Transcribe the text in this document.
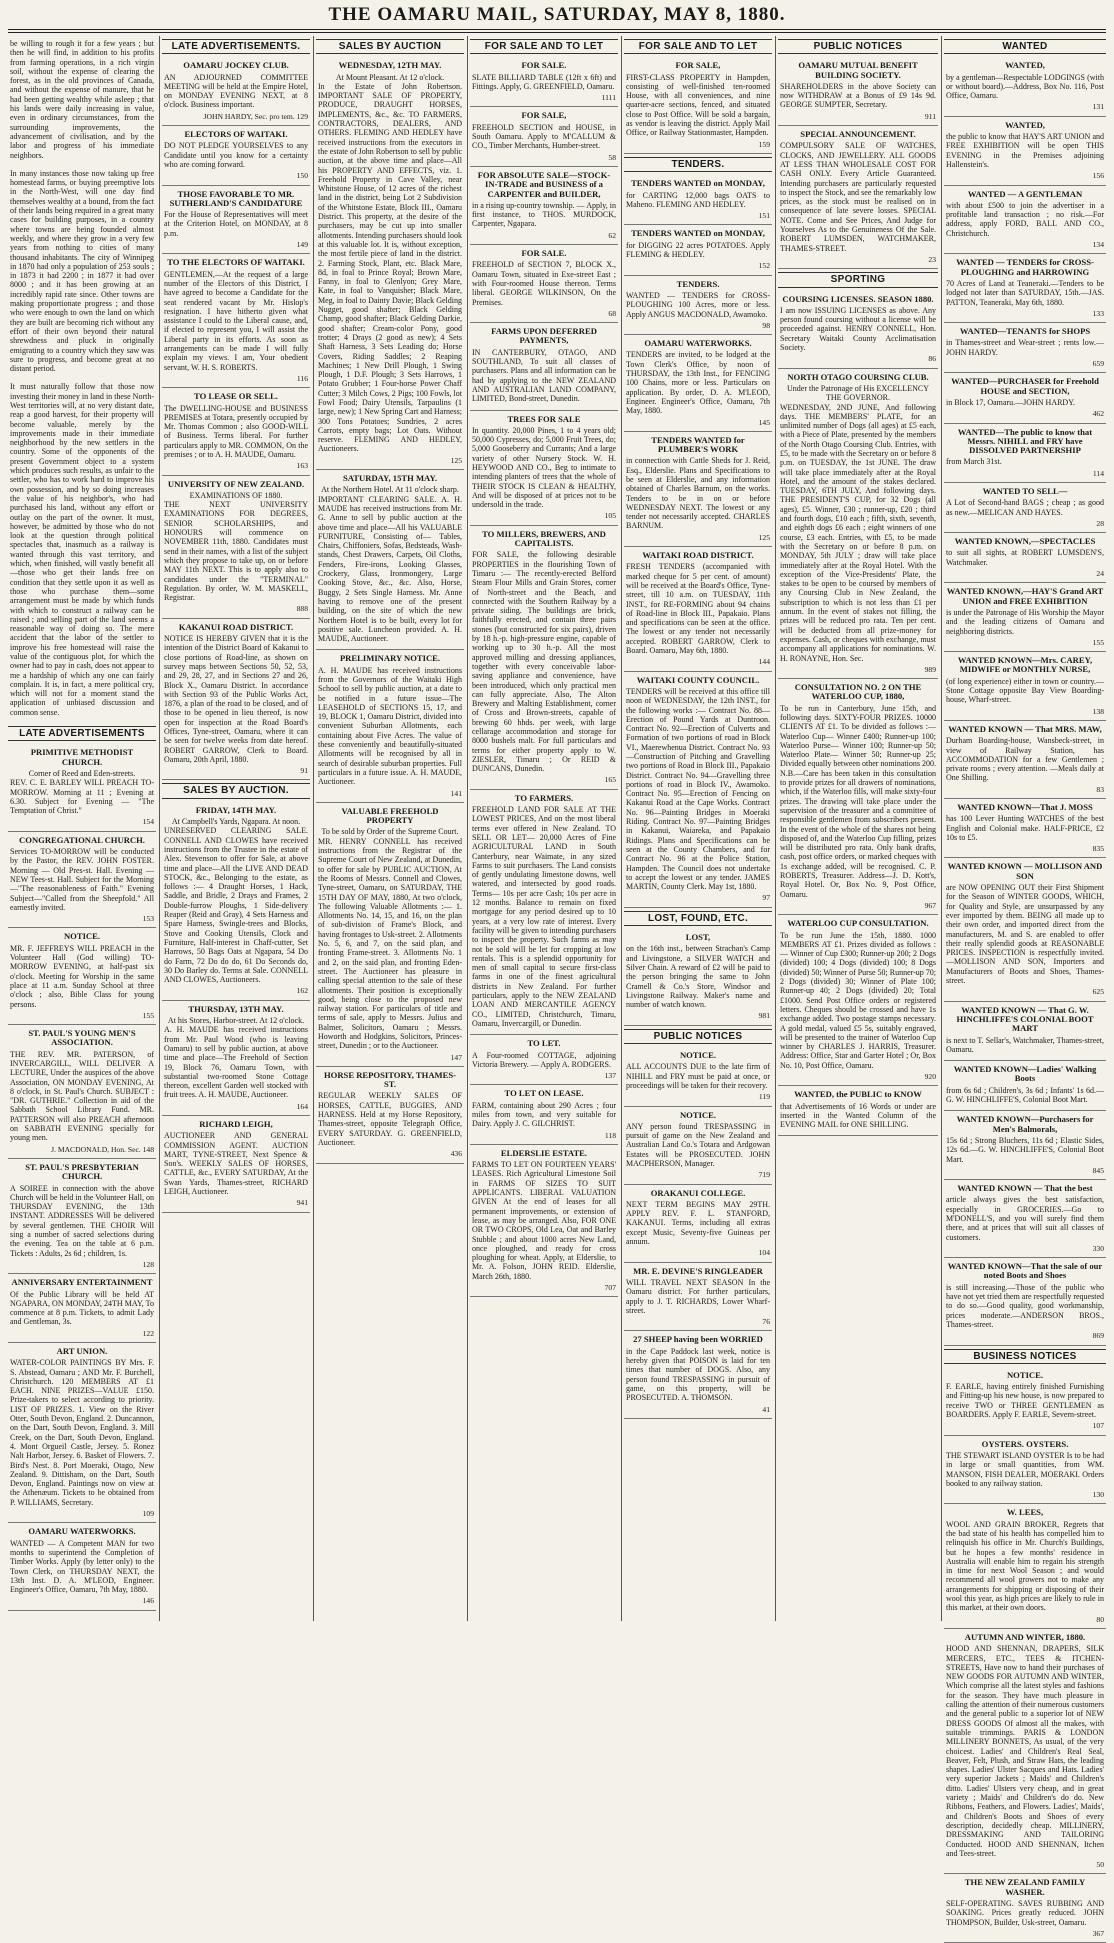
THE OAMARU MAIL, SATURDAY, MAY 8, 1880.

be willing to rough it for a few years ; but then he will find, in addition to his profits from farming operations, in a rich virgin soil, without the expense of clearing the forest, as in the old provinces of Canada, and without the expense of manure, that he had been getting wealthy while asleep ; that his lands were daily increasing in value, even in ordinary circumstances, from the surrounding improvements, the advancement of civilisation, and by the labor and progress of his immediate neighbors.

In many instances those now taking up free homestead farms, or buying preemptive lots in the North-West, will one day find themselves wealthy at a bound, from the fact of their lands being required in a great many cases for building purposes, in a country where towns are being founded almost weekly, and where they grow in a very few years from nothing to cities of many thousand inhabitants. The city of Winnipeg in 1870 had only a population of 253 souls ; in 1873 it had 2200 ; in 1877 it had over 8000 ; and it has been growing at an incredibly rapid rate since. Other towns are making proportionate progress ; and those who were enough to own the land on which they are built are becoming rich without any effort of their own beyond their natural shrewdness and pluck in originally emigrating to a country which they saw was sure to progress, and become great at no distant period.

It must naturally follow that those now investing their money in land in these North-West territories will, at no very distant date, reap a good harvest, for their property will become valuable, merely by the improvements made in their immediate neighborhood by the new settlers in the country. Some of the opponents of the present Government object to a system which produces such results, as unfair to the settler, who has to work hard to improve his own possession, and by so doing increases the value of his neighbor's, who had purchased his land, without any effort or outlay on the part of the owner. It must, however, be admitted by those who do not look at the question through political spectacles that, inasmuch as a railway is wanted through this vast territory, and which, when finished, will vastly benefit all—those who get their lands free on condition that they settle upon it as well as those who purchase them—some arrangement must be made by which funds with which to construct a railway can be raised ; and selling part of the land seems a reasonable way of doing so. The mere accident that the labor of the settler to improve his free homestead will raise the value of the contiguous plot, for which the owner had to pay in cash, does not appear to me a hardship of which any one can fairly complain. It is, in fact, a mere political cry, which will not for a moment stand the application of unbiased discussion and common sense.

LATE ADVERTISEMENTS
PRIMITIVE METHODIST CHURCH.
Corner of Reed and Eden-streets.

REV. C. E. BARLEY WILL PREACH TO-MORROW. Morning at 11 ; Evening at 6.30. Subject for Evening — "The Temptation of Christ."

154
CONGREGATIONAL CHURCH.

Services TO-MORROW will be conducted by the Pastor, the REV. JOHN FOSTER. Morning — Old Pres-st. Hall. Evening — NEW Tees-st. Hall. Subject for the Morning—"The reasonableness of Faith." Evening Subject—"Called from the Sheepfold." All earnestly invited.

153
NOTICE.

MR. F. JEFFREYS WILL PREACH in the Volunteer Hall (God willing) TO-MORROW EVENING, at half-past six o'clock. Meeting for Worship in the same place at 11 a.m. Sunday School at three o'clock ; also, Bible Class for young persons.

155
ST. PAUL'S YOUNG MEN'S ASSOCIATION.

THE REV. MR. PATERSON, of INVERCARGILL, WILL DELIVER A LECTURE, Under the auspices of the above Association, ON MONDAY EVENING, At 8 o'clock, in St. Paul's Church. SUBJECT : "DR. GUTHRIE." Collection in aid of the Sabbath School Library Fund. MR. PATTERSON will also PREACH afternoon on SABBATH EVENING specially for young men.

J. MACDONALD, Hon. Sec. 148
ST. PAUL'S PRESBYTERIAN CHURCH.

A SOIREE in connection with the above Church will be held in the Volunteer Hall, on THURSDAY EVENING, the 13th INSTANT. ADDRESSES Will be delivered by several gentlemen. THE CHOIR Will sing a number of sacred selections during the evening. Tea on the table at 6 p.m. Tickets : Adults, 2s 6d ; children, 1s.

128
ANNIVERSARY ENTERTAINMENT

Of the Public Library will be held AT NGAPARA, ON MONDAY, 24TH MAY, To commence at 8 p.m. Tickets, to admit Lady and Gentleman, 3s.

122
ART UNION.

WATER-COLOR PAINTINGS BY Mrs. F. S. Abstead, Oamaru ; AND Mr. F. Burchell, Christchurch. 120 MEMBERS AT £1 EACH. NINE PRIZES—VALUE £150. Prize-takers to select according to priority. LIST OF PRIZES. 1. View on the River Otter, South Devon, England. 2. Duncannon, on the Dart, South Devon, England. 3. Mill Creek, on the Dart, South Devon, England. 4. Mont Orgueil Castle, Jersey. 5. Ronez Nalt Harbor, Jersey. 6. Basket of Flowers. 7. Bird's Nest. 8. Port Moeraki, Otago, New Zealand. 9. Dittisham, on the Dart, South Devon, England. Paintings now on view at the Athenæum. Tickets to be obtained from P. WILLIAMS, Secretary.

109
OAMARU WATERWORKS.

WANTED — A Competent MAN for two months to superintend the Completion of Timber Works. Apply (by letter only) to the Town Clerk, on THURSDAY NEXT, the 13th Inst. D. A. M'LEOD, Engineer. Engineer's Office, Oamaru, 7th May, 1880.

146
LATE ADVERTISEMENTS.
OAMARU JOCKEY CLUB.

AN ADJOURNED COMMITTEE MEETING will be held at the Empire Hotel, on MONDAY EVENING NEXT, at 8 o'clock. Business important.

JOHN HARDY, Sec. pro tem. 129
ELECTORS OF WAITAKI.

DO NOT PLEDGE YOURSELVES to any Candidate until you know for a certainty who are coming forward.

150
THOSE FAVORABLE TO MR. SUTHERLAND'S CANDIDATURE

For the House of Representatives will meet at the Criterion Hotel, on MONDAY, at 8 p.m.

149
TO THE ELECTORS OF WAITAKI.

GENTLEMEN,—At the request of a large number of the Electors of this District, I have agreed to become a Candidate for the seat rendered vacant by Mr. Hislop's resignation. I have hitherto given what assistance I could to the Liberal cause, and, if elected to represent you, I will assist the Liberal party in its efforts. As soon as arrangements can be made I will fully explain my views. I am, Your obedient servant, W. H. S. ROBERTS.

116
TO LEASE OR SELL.

The DWELLING-HOUSE and BUSINESS PREMISES at Totara, presently occupied by Mr. Thomas Common ; also GOOD-WILL of Business. Terms liberal. For further particulars apply to MR. COMMON, On the premises ; or to A. H. MAUDE, Oamaru.

163
UNIVERSITY OF NEW ZEALAND.
EXAMINATIONS OF 1880.

THE NEXT UNIVERSITY EXAMINATIONS FOR DEGREES, SENIOR SCHOLARSHIPS, and HONOURS will commence on NOVEMBER 11th, 1880. Candidates must send in their names, with a list of the subject which they propose to take up, on or before MAY 11th NEXT. This is to apply also to candidates under the "TERMINAL" Regulation. By order, W. M. MASKELL, Registrar.

888
KAKANUI ROAD DISTRICT.

NOTICE IS HEREBY GIVEN that it is the intention of the District Board of Kakanui to close portions of Road-line, as shown on survey maps between Sections 50, 52, 53, and 29, 28, 27, and in Sections 27 and 26, Block X., Oamaru District. In accordance with Section 93 of the Public Works Act, 1876, a plan of the road to be closed, and of those to be opened in lieu thereof, is now open for inspection at the Road Board's Offices, Tyne-street, Oamaru, where it can be seen for twelve weeks from date hereof. ROBERT GARROW, Clerk to Board. Oamaru, 20th April, 1880.

91
SALES BY AUCTION.
FRIDAY, 14TH MAY.
At Campbell's Yards, Ngapara. At noon.

UNRESERVED CLEARING SALE. CONNELL AND CLOWES have received instructions from the Trustee in the estate of Alex. Stevenson to offer for Sale, at above time and place—All the LIVE AND DEAD STOCK, &c., Belonging to the estate, as follows :— 4 Draught Horses, 1 Hack, Saddle, and Bridle, 2 Drays and Frames, 2 Double-furrow Ploughs, 1 Side-delivery Reaper (Reid and Gray), 4 Sets Harness and Spare Harness, Swingle-trees and Blocks, Stove and Cooking Utensils, Clock and Furniture, Half-interest in Chaff-cutter, Set Harrows, 50 Bags Oats at Ngapara, 54 Do do Farm, 72 Do do do, 61 Do Seconds do, 30 Do Barley do. Terms at Sale. CONNELL AND CLOWES, Auctioneers.

162
THURSDAY, 13TH MAY.
At his Stores, Harbor-street. At 12 o'clock.

A. H. MAUDE has received instructions from Mr. Paul Wood (who is leaving Oamaru) to sell by public auction, at above time and place—The Freehold of Section 19, Block 76, Oamaru Town, with substantial two-roomed Stone Cottage thereon, excellent Garden well stocked with fruit trees. A. H. MAUDE, Auctioneer.

164
RICHARD LEIGH,

AUCTIONEER AND GENERAL COMMISSION AGENT. AUCTION MART, TYNE-STREET, Next Spence & Son's. WEEKLY SALES OF HORSES, CATTLE, &c., EVERY SATURDAY, At the Swan Yards, Thames-street, RICHARD LEIGH, Auctioneer.

941
SALES BY AUCTION
WEDNESDAY, 12TH MAY.
At Mount Pleasant. At 12 o'clock.

In the Estate of John Robertson. IMPORTANT SALE OF PROPERTY, PRODUCE, DRAUGHT HORSES, IMPLEMENTS, &c., &c. TO FARMERS, CONTRACTORS, DEALERS, AND OTHERS. FLEMING AND HEDLEY have received instructions from the executors in the estate of John Robertson to sell by public auction, at the above time and place—All his PROPERTY AND EFFECTS, viz. 1. Freehold Property in Cave Valley, near Whitstone House, of 12 acres of the richest land in the district, being Lot 2 Subdivision of the Whitstone Estate, Block III., Oamaru District. This property, at the desire of the purchasers, may be cut up into smaller allotments. Intending purchasers should look at this valuable lot. It is, without exception, the most fertile piece of land in the district. 2. Farming Stock, Plant, etc. Black Mare, 8d, in foal to Prince Royal; Brown Mare, Fanny, in foal to Glenlyon; Grey Mare, Kate, in foal to Vanquisher; Black Mare, Meg, in foal to Dainty Davie; Black Gelding Nugget, good shafter; Black Gelding Champ, good shafter; Black Gelding Darkie, good shafter; Cream-color Pony, good trotter; 4 Drays (2 good as new); 4 Sets Shaft Harness, 3 Sets Leading do; Horse Covers, Riding Saddles; 2 Reaping Machines; 1 New Drill Plough, 1 Swing Plough, 1 D.F. Plough; 3 Sets Harrows, 1 Potato Grubber; 1 Four-horse Power Chaff Cutter; 3 Milch Cows, 2 Pigs; 100 Fowls, lot Fowl Food; Dairy Utensils, Tarpaulins (1 large, new); 1 New Spring Cart and Harness; 300 Tons Potatoes; Sundries, 2 acres Carrots, empty bags; Lot Oats. Without reserve. FLEMING AND HEDLEY, Auctioneers.

125
SATURDAY, 15TH MAY.
At the Northern Hotel. At 11 o'clock sharp.

IMPORTANT CLEARING SALE. A. H. MAUDE has received instructions from Mr. G. Anne to sell by public auction at the above time and place—All his VALUABLE FURNITURE, Consisting of— Tables, Chairs, Chiffoniers, Sofas, Bedsteads, Wash-stands, Chest Drawers, Carpets, Oil Cloths, Fenders, Fire-irons, Looking Glasses, Crockery, Glass, Ironmongery, Large Cooking Stove, &c., &c. Also, Horse, Buggy, 2 Sets Single Harness. Mr. Anne having to remove one of the present building, on the site of which the new Northern Hotel is to be built, every lot for positive sale. Luncheon provided. A. H. MAUDE, Auctioneer.

PRELIMINARY NOTICE.

A. H. MAUDE has received instructions from the Governors of the Waitaki High School to sell by public auction, at a date to be notified in a future issue—The LEASEHOLD of SECTIONS 15, 17, and 19, BLOCK 1, Oamaru District, divided into convenient Suburban Allotments, each containing about Five Acres. The value of these conveniently and beautifully-situated Allotments will be recognised by all in search of desirable suburban properties. Full particulars in a future issue. A. H. MAUDE, Auctioneer.

141
VALUABLE FREEHOLD PROPERTY
To be sold by Order of the Supreme Court.

MR. HENRY CONNELL has received instructions from the Registrar of the Supreme Court of New Zealand, at Dunedin, to offer for sale by PUBLIC AUCTION, At the Rooms of Messrs. Connell and Clowes, Tyne-street, Oamaru, on SATURDAY, THE 15TH DAY OF MAY, 1880, At two o'clock, The following Valuable Allotments :— 1. Allotments No. 14, 15, and 16, on the plan of sub-division of Frame's Block, and having frontages to Usk-street. 2. Allotments No. 5, 6, and 7, on the said plan, and fronting Frame-street. 3. Allotments No. 1 and 2, on the said plan, and fronting Eden-street. The Auctioneer has pleasure in calling special attention to the sale of these allotments. Their position is exceptionally good, being close to the proposed new railway station. For particulars of title and terms of sale, apply to Messrs. Julius and Balmer, Solicitors, Oamaru ; Messrs. Howorth and Hodgkins, Solicitors, Princes-street, Dunedin ; or to the Auctioneer.

147
HORSE REPOSITORY, THAMES-ST.

REGULAR WEEKLY SALES OF HORSES, CATTLE, BUGGIES, AND HARNESS. Held at my Horse Repository, Thames-street, opposite Telegraph Office, EVERY SATURDAY. G. GREENFIELD, Auctioneer.

436
FOR SALE AND TO LET
FOR SALE.

SLATE BILLIARD TABLE (12ft x 6ft) and Fittings. Apply, G. GREENFIELD, Oamaru.

1111
FOR SALE,

FREEHOLD SECTION and HOUSE, in South Oamaru. Apply to M'CALLUM & CO., Timber Merchants, Humber-street.

58
FOR ABSOLUTE SALE—STOCK-IN-TRADE and BUSINESS of a CARPENTER and BUILDER,

in a rising up-country township. — Apply, in first instance, to THOS. MURDOCK, Carpenter, Ngapara.

62
FOR SALE.

FREEHOLD of SECTION 7, BLOCK X., Oamaru Town, situated in Exe-street East ; with Four-roomed House thereon. Terms liberal. GEORGE WILKINSON, On the Premises.

68
FARMS UPON DEFERRED PAYMENTS,

IN CANTERBURY, OTAGO, AND SOUTHLAND, To suit all classes of purchasers. Plans and all information can be had by applying to the NEW ZEALAND AND AUSTRALIAN LAND COMPANY, LIMITED, Bond-street, Dunedin.

TREES FOR SALE

In quantity. 20,000 Pines, 1 to 4 years old; 50,000 Cypresses, do; 5,000 Fruit Trees, do; 5,000 Gooseberry and Currants; And a large variety of other Nursery Stock. W. H. HEYWOOD AND CO., Beg to intimate to intending planters of trees that the whole of THEIR STOCK IS CLEAN & HEALTHY, And will be disposed of at prices not to be undersold in the trade.

105
TO MILLERS, BREWERS, AND CAPITALISTS.

FOR SALE, the following desirable PROPERTIES in the flourishing Town of Timaru :— The recently-erected Belford Steam Flour Mills and Grain Stores, corner of North-street and the Beach, and connected with the Southern Railway by a private siding. The buildings are brick, faithfully erected, and contain three pairs stones (but constructed for six pairs), driven by 18 h.-p. high-pressure engine, capable of working up to 30 h.-p. All the most approved milling and dressing appliances, together with every conceivable labor-saving appliance and convenience, have been introduced, which only practical men can fully appreciate. Also, The Alton Brewery and Malting Establishment, corner of Cross and Brown-streets, capable of brewing 60 hhds. per week, with large cellarage accommodation and storage for 8000 bushels malt. For full particulars and terms for either property apply to W. ZIESLER, Timaru ; Or REID & DUNCANS, Dunedin.

165
TO FARMERS.

FREEHOLD LAND FOR SALE AT THE LOWEST PRICES, And on the most liberal terms ever offered in New Zealand. TO SELL OR LET— 20,000 Acres of Fine AGRICULTURAL LAND in South Canterbury, near Waimate, in any sized Farms to suit purchasers. The Land consists of gently undulating limestone downs, well watered, and intersected by good roads. Terms— 10s per acre Cash; 10s per acre in 12 months. Balance to remain on fixed mortgage for any period desired up to 10 years, at a very low rate of interest. Every facility will be given to intending purchasers to inspect the property. Such farms as may not be sold will be let for cropping at low rentals. This is a splendid opportunity for men of small capital to secure first-class farms in one of the finest agricultural districts in New Zealand. For further particulars, apply to the NEW ZEALAND LOAN AND MERCANTILE AGENCY CO., LIMITED, Christchurch, Timaru, Oamaru, Invercargill, or Dunedin.

TO LET.

A Four-roomed COTTAGE, adjoining Victoria Brewery. — Apply A. RODGERS.

137
TO LET ON LEASE.

FARM, containing about 290 Acres ; four miles from town, and very suitable for Dairy. Apply J. C. GILCHRIST.

118
ELDERSLIE ESTATE.

FARMS TO LET ON FOURTEEN YEARS' LEASES. Rich Agricultural Limestone Soil in FARMS OF SIZES TO SUIT APPLICANTS. LIBERAL VALUATION GIVEN At the end of leases for all permanent improvements, or extension of lease, as may be arranged. Also, FOR ONE OR TWO CROPS, Old Lea, Oat and Barley Stubble ; and about 1000 acres New Land, once ploughed, and ready for cross ploughing for wheat. Apply, at Elderslie, to Mr. A. Folson, JOHN REID. Elderslie, March 26th, 1880.

707
FOR SALE AND TO LET
FOR SALE,

FIRST-CLASS PROPERTY in Hampden, consisting of well-finished ten-roomed House, with all conveniences, and nine quarter-acre sections, fenced, and situated close to Post Office. Will be sold a bargain, as vendor is leaving the district. Apply Mail Office, or Railway Stationmaster, Hampden.

159
TENDERS.
TENDERS WANTED on MONDAY,

for CARTING 12,000 bags OATS to Maheno. FLEMING AND HEDLEY.

151
TENDERS WANTED on MONDAY,

for DIGGING 22 acres POTATOES. Apply FLEMING & HEDLEY.

152
TENDERS.

WANTED — TENDERS for CROSS-PLOUGHING 100 Acres, more or less. Apply ANGUS MACDONALD, Awamoko.

98
OAMARU WATERWORKS.

TENDERS are invited, to be lodged at the Town Clerk's Office, by noon of THURSDAY, the 13th Inst., for FENCING 100 Chains, more or less. Particulars on application. By order, D. A. M'LEOD, Engineer. Engineer's Office, Oamaru, 7th May, 1880.

145
TENDERS WANTED for PLUMBER'S WORK

in connection with Cattle Sheds for J. Reid, Esq., Elderslie. Plans and Specifications to be seen at Elderslie, and any information obtained of Charles Barnum, on the works. Tenders to be in on or before WEDNESDAY NEXT. The lowest or any tender not necessarily accepted. CHARLES BARNUM.

125
WAITAKI ROAD DISTRICT.

FRESH TENDERS (accompanied with marked cheque for 5 per cent. of amount) will be received at the Board's Office, Tyne-street, till 10 a.m. on TUESDAY, 11th INST., for RE-FORMING about 94 chains of Road-line in Block III., Papakaio. Plans and specifications can be seen at the office. The lowest or any tender not necessarily accepted. ROBERT GARROW, Clerk to Board. Oamaru, May 6th, 1880.

144
WAITAKI COUNTY COUNCIL.

TENDERS will be received at this office till noon of WEDNESDAY, the 12th INST., for the following works :— Contract No. 88—Erection of Pound Yards at Duntroon. Contract No. 92—Erection of Culverts and Formation of two portions of road in Block VI., Maerewhenua District. Contract No. 93—Construction of Pitching and Gravelling two portions of Road in Block III., Papakaio District. Contract No. 94—Gravelling three portions of road in Block IV., Awamoko. Contract No. 95—Erection of Fencing on Kakanui Road at the Cape Works. Contract No. 96—Painting Bridges in Moeraki Riding. Contract No. 97—Painting Bridges in Kakanui, Waiareka, and Papakaio Ridings. Plans and Specifications can be seen at the County Chambers, and for Contract No. 96 at the Police Station, Hampden. The Council does not undertake to accept the lowest or any tender. JAMES MARTIN, County Clerk. May 1st, 1880.

97
LOST, FOUND, ETC.
LOST,

on the 16th inst., between Strachan's Camp and Livingstone, a SILVER WATCH and Silver Chain. A reward of £2 will be paid to the person bringing the same to John Cramell & Co.'s Store, Windsor and Livingstone Railway. Maker's name and number of watch known.

981
PUBLIC NOTICES
NOTICE.

ALL ACCOUNTS DUE to the late firm of NIHILL and FRY must be paid at once, or proceedings will be taken for their recovery.

119
NOTICE.

ANY person found TRESPASSING in pursuit of game on the New Zealand and Australian Land Co.'s Totara and Ardgowan Estates will be PROSECUTED. JOHN MACPHERSON, Manager.

719
ORAKANUI COLLEGE.

NEXT TERM BEGINS MAY 29TH. APPLY REV. F. L. STANFORD, KAKANUI. Terms, including all extras except Music, Seventy-five Guineas per annum.

104
MR. E. DEVINE'S RINGLEADER

WILL TRAVEL NEXT SEASON In the Oamaru district. For further particulars, apply to J. T. RICHARDS, Lower Wharf-street.

76
27 SHEEP having been WORRIED

in the Cape Paddock last week, notice is hereby given that POISON is laid for ten times that number of DOGS. Also, any person found TRESPASSING in pursuit of game, on this property, will be PROSECUTED. A. THOMSON.

41
PUBLIC NOTICES
OAMARU MUTUAL BENEFIT BUILDING SOCIETY.

SHAREHOLDERS in the above Society can now WITHDRAW at a Bonus of £9 14s 9d. GEORGE SUMPTER, Secretary.

911
SPECIAL ANNOUNCEMENT.

COMPULSORY SALE OF WATCHES, CLOCKS, AND JEWELLERY. ALL GOODS AT LESS THAN WHOLESALE COST FOR CASH ONLY. Every Article Guaranteed. Intending purchasers are particularly requested to inspect the Stock, and see the remarkably low prices, as the stock must be realised on in consequence of late severe losses. SPECIAL NOTE. Come and See Prices, And Judge for Yourselves As to the Genuineness Of the Sale. ROBERT LUMSDEN, WATCHMAKER, THAMES-STREET.

23
SPORTING
COURSING LICENSES. SEASON 1880.

I am now ISSUING LICENSES as above. Any person found coursing without a license will be proceeded against. HENRY CONNELL, Hon. Secretary Waitaki County Acclimatisation Society.

86
NORTH OTAGO COURSING CLUB.
Under the Patronage of His EXCELLENCY THE GOVERNOR.

WEDNESDAY, 2ND JUNE, And following days. THE MEMBERS' PLATE, for an unlimited number of Dogs (all ages) at £5 each, with a Piece of Plate, presented by the members of the North Otago Coursing Club. Entries, with £5, to be made with the Secretary on or before 8 p.m. on TUESDAY, the 1st JUNE. The draw will take place immediately after at the Royal Hotel, and the amount of the stakes declared. TUESDAY, 6TH JULY, And following days. THE PRESIDENT'S CUP, for 32 Dogs (all ages), £5. Winner, £30 ; runner-up, £20 ; third and fourth dogs, £10 each ; fifth, sixth, seventh, and eighth dogs £6 each ; eight winners of one course, £3 each. Entries, with £5, to be made with the Secretary on or before 8 p.m. on MONDAY, 5th JULY ; draw will take place immediately after at the Royal Hotel. With the exception of the Vice-Presidents' Plate, the stakes to be open to be coursed by members of any Coursing Club in New Zealand, the subscription to which is not less than £1 per annum. In the event of stakes not filling, the prizes will be reduced pro rata. Ten per cent. will be deducted from all prize-money for expenses. Cash, or cheques with exchange, must accompany all applications for nominations. W. H. RONAYNE, Hon. Sec.

989
CONSULTATION NO. 2 ON THE WATERLOO CUP, 1880,

To be run in Canterbury, June 15th, and following days. SIXTY-FOUR PRIZES. 10000 CLIENTS AT £1. To be divided as follows :— Waterloo Cup— Winner £400; Runner-up 100; Waterloo Purse— Winner 100; Runner-up 50; Waterloo Plate— Winner 50; Runner-up 25; Divided equally between other nominations 200. N.B.—Care has been taken in this consultation to provide prizes for all drawers of nominations, which, if the Waterloo fills, will make sixty-four prizes. The drawing will take place under the supervision of the treasurer and a committee of responsible gentlemen from subscribers present. In the event of the whole of the shares not being disposed of, and the Waterloo Cup filling, prizes will be distributed pro rata. Only bank drafts, cash, post office orders, or marked cheques with 1s exchange added, will be recognised. C. P. ROBERTS, Treasurer. Address—J. D. Kott's, Royal Hotel. Or, Box No. 9, Post Office, Oamaru.

967
WATERLOO CUP CONSULTATION.

To be run June the 15th, 1880. 1000 MEMBERS AT £1. Prizes divided as follows :— Winner of Cup £300; Runner-up 200; 2 Dogs (divided) 100; 4 Dogs (divided) 100; 8 Dogs (divided) 50; Winner of Purse 50; Runner-up 70; 2 Dogs (divided) 30; Winner of Plate 100; Runner-up 40; 2 Dogs (divided) 20; Total £1000. Send Post Office orders or registered letters. Cheques should be crossed and have 1s exchange added. Two postage stamps necessary. A gold medal, valued £5 5s, suitably engraved, will be presented to the trainer of Waterloo Cup winner by CHARLES J. HARRIS, Treasurer. Address: Office, Star and Garter Hotel ; Or, Box No. 10, Post Office, Oamaru.

920
WANTED, the PUBLIC to KNOW

that Advertisements of 16 Words or under are inserted in the Wanted Column of the EVENING MAIL for ONE SHILLING.

WANTED
WANTED,

by a gentleman—Respectable LODGINGS (with or without board).—Address, Box No. 116, Post Office, Oamaru.

131
WANTED,

the public to know that HAY'S ART UNION and FREE EXHIBITION will be open THIS EVENING in the Premises adjoining Hallenstein's.

156
WANTED — A GENTLEMAN

with about £500 to join the advertiser in a profitable land transaction ; no risk.—For address, apply FORD, BALL AND CO., Christchurch.

134
WANTED — TENDERS for CROSS-PLOUGHING and HARROWING

70 Acres of Land at Teaneraki.—Tenders to be lodged not later than SATURDAY, 15th.—JAS. PATTON, Teaneraki, May 6th, 1880.

133
WANTED—TENANTS for SHOPS

in Thames-street and Wear-street ; rents low.—JOHN HARDY.

659
WANTED—PURCHASER for Freehold HOUSE and SECTION,

in Block 17, Oamaru.—JOHN HARDY.

462
WANTED—The public to know that Messrs. NIHILL and FRY have DISSOLVED PARTNERSHIP

from March 31st.

114
WANTED TO SELL—

A Lot of Second-hand BAGS ; cheap ; as good as new.—MELICAN AND HAYES.

28
WANTED KNOWN,—SPECTACLES

to suit all sights, at ROBERT LUMSDEN'S, Watchmaker.

24
WANTED KNOWN,—HAY'S Grand ART UNION and FREE EXHIBITION

is under the Patronage of His Worship the Mayor and the leading citizens of Oamaru and neighboring districts.

155
WANTED KNOWN—Mrs. CAREY, MIDWIFE or MONTHLY NURSE,

(of long experience) either in town or country.—Stone Cottage opposite Bay View Boarding-house, Wharf-street.

138
WANTED KNOWN — That MRS. MAW,

Durham Boarding-house, Wansbeck-street, in view of Railway Station, has ACCOMMODATION for a few Gentlemen ; private rooms ; every attention. —Meals daily at One Shilling.

83
WANTED KNOWN—That J. MOSS

has 100 Lever Hunting WATCHES of the best English and Colonial make. HALF-PRICE, £2 10s to £5.

835
WANTED KNOWN — MOLLISON AND SON

are NOW OPENING OUT their First Shipment for the Season of WINTER GOODS, WHICH, for Quality and Style, are unsurpassed by any ever imported by them. BEING all made up to their own order, and imported direct from the manufacturers, M. and S. are enabled to offer their really splendid goods at REASONABLE PRICES. INSPECTION is respectfully invited.—MOLLISON AND SON, Importers and Manufacturers of Boots and Shoes, Thames-street.

625
WANTED KNOWN — That G. W. HINCHLIFFE'S COLONIAL BOOT MART

is next to T. Sellar's, Watchmaker, Thames-street, Oamaru.

WANTED KNOWN—Ladies' Walking Boots

from 6s 6d ; Children's, 3s 6d ; Infants' 1s 6d.—G. W. HINCHLIFFE'S, Colonial Boot Mart.

WANTED KNOWN—Purchasers for Men's Balmorals,

15s 6d ; Strong Bluchers, 11s 6d ; Elastic Sides, 12s 6d.—G. W. HINCHLIFFE'S, Colonial Boot Mart.

845
WANTED KNOWN — That the best

article always gives the best satisfaction, especially in GROCERIES.—Go to M'DONELL'S, and you will surely find them there, and at prices that will suit all classes of customers.

330
WANTED KNOWN—That the sale of our noted Boots and Shoes

is still increasing.—Those of the public who have not yet tried them are respectfully requested to do so.—Good quality, good workmanship, prices moderate.—ANDERSON BROS., Thames-street.

869
BUSINESS NOTICES
NOTICE.

F. EARLE, having entirely finished Furnishing and Fitting-up his new house, is now prepared to receive TWO or THREE GENTLEMEN as BOARDERS. Apply F. EARLE, Severn-street.

107
OYSTERS. OYSTERS.

THE STEWART ISLAND OYSTER Is to be had in large or small quantities, from WM. MANSON, FISH DEALER, MOERAKI. Orders booked to any railway station.

130
W. LEES,

WOOL AND GRAIN BROKER, Regrets that the bad state of his health has compelled him to relinquish his office in Mr. Church's Buildings, but he hopes a few months' residence in Australia will enable him to regain his strength in time for next Wool Season ; and would recommend all wool growers not to make any arrangements for shipping or disposing of their wool this year, as high prices are likely to rule in this market, at their own doors.

80
AUTUMN AND WINTER, 1880.

HOOD AND SHENNAN, DRAPERS, SILK MERCERS, ETC., TEES & ITCHEN-STREETS, Have now to hand their purchases of NEW GOODS FOR AUTUMN AND WINTER, Which comprise all the latest styles and fashions for the season. They have much pleasure in calling the attention of their numerous customers and the general public to a superior lot of NEW DRESS GOODS Of almost all the makes, with suitable trimmings. PARIS & LONDON MILLINERY BONNETS, As usual, of the very choicest. Ladies' and Children's Real Seal, Beaver, Felt, Plush, and Straw Hats, the leading shapes. Ladies' Ulster Sacques and Hats. Ladies' very superior Jackets ; Maids' and Children's ditto. Ladies' Ulsters very cheap, and in great variety ; Maids' and Children's do do. New Ribbons, Feathers, and Flowers. Ladies', Maids', and Children's Boots and Shoes of every description, decidedly cheap. MILLINERY, DRESSMAKING AND TAILORING Conducted. HOOD AND SHENNAN, Itchen and Tees-street.

50
THE NEW ZEALAND FAMILY WASHER.

SELF-OPERATING. SAVES RUBBING AND SOAKING. Prices greatly reduced. JOHN THOMPSON, Builder, Usk-street, Oamaru.

367
